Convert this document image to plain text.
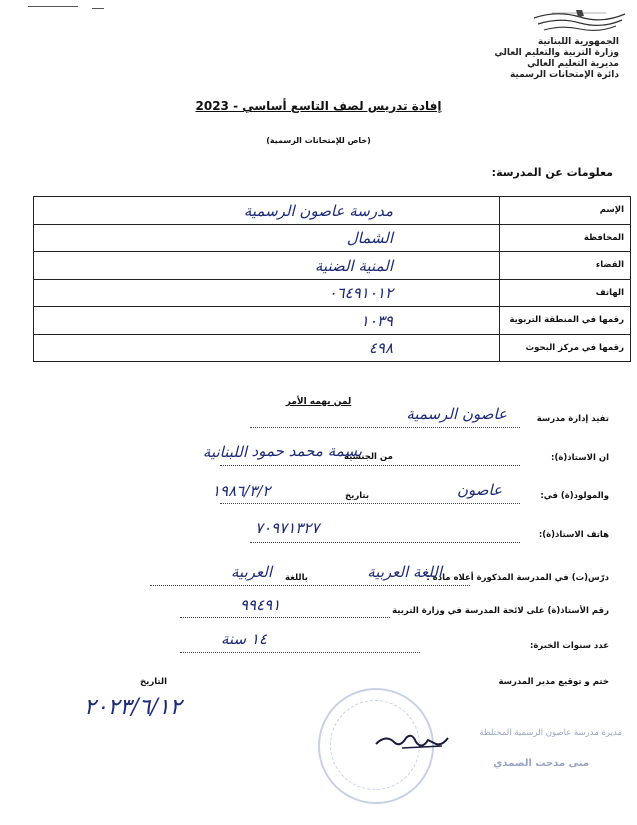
الجمهورية اللبنانية
وزارة التربية والتعليم العالي
مديرية التعليم العالي
دائرة الإمتحانات الرسمية
إفادة تدريس لصف التاسع أساسي - 2023
(خاص للإمتحانات الرسمية)
معلومات عن المدرسة:
مدرسة عاصون الرسمية	الإسم
الشمال	المحافظة
المنية الضنية	القضاء
٠٦٤٩١٠١٢	الهاتف
١٠٣٩	رقمها في المنطقة التربوية
٤٩٨	رقمها في مركز البحوث
لمن يهمه الأمر
تفيد إدارة مدرسة
عاصون الرسمية
ان الاستاذ(ة):
بسمة محمد حمود
من الجنسية
اللبنانية
والمولود(ة) في:
عاصون
بتاريخ
١٩٨٦/٣/٢
هاتف الاستاذ(ة):
٧٠٩٧١٣٢٧
درّس(ت) في المدرسة المذكورة أعلاه مادة :
اللغة العربية
باللغة
العربية
رقم الأستاذ(ة) على لائحة المدرسة في وزارة التربية
٩٩٤٩١
عدد سنوات الخبرة:
١٤ سنة
ختم و توقيع مدير المدرسة
التاريخ
٢٠٢٣/٦/١٢
مديرة مدرسة عاصون الرسمية المختلطة
منى مدحت الصمدي
